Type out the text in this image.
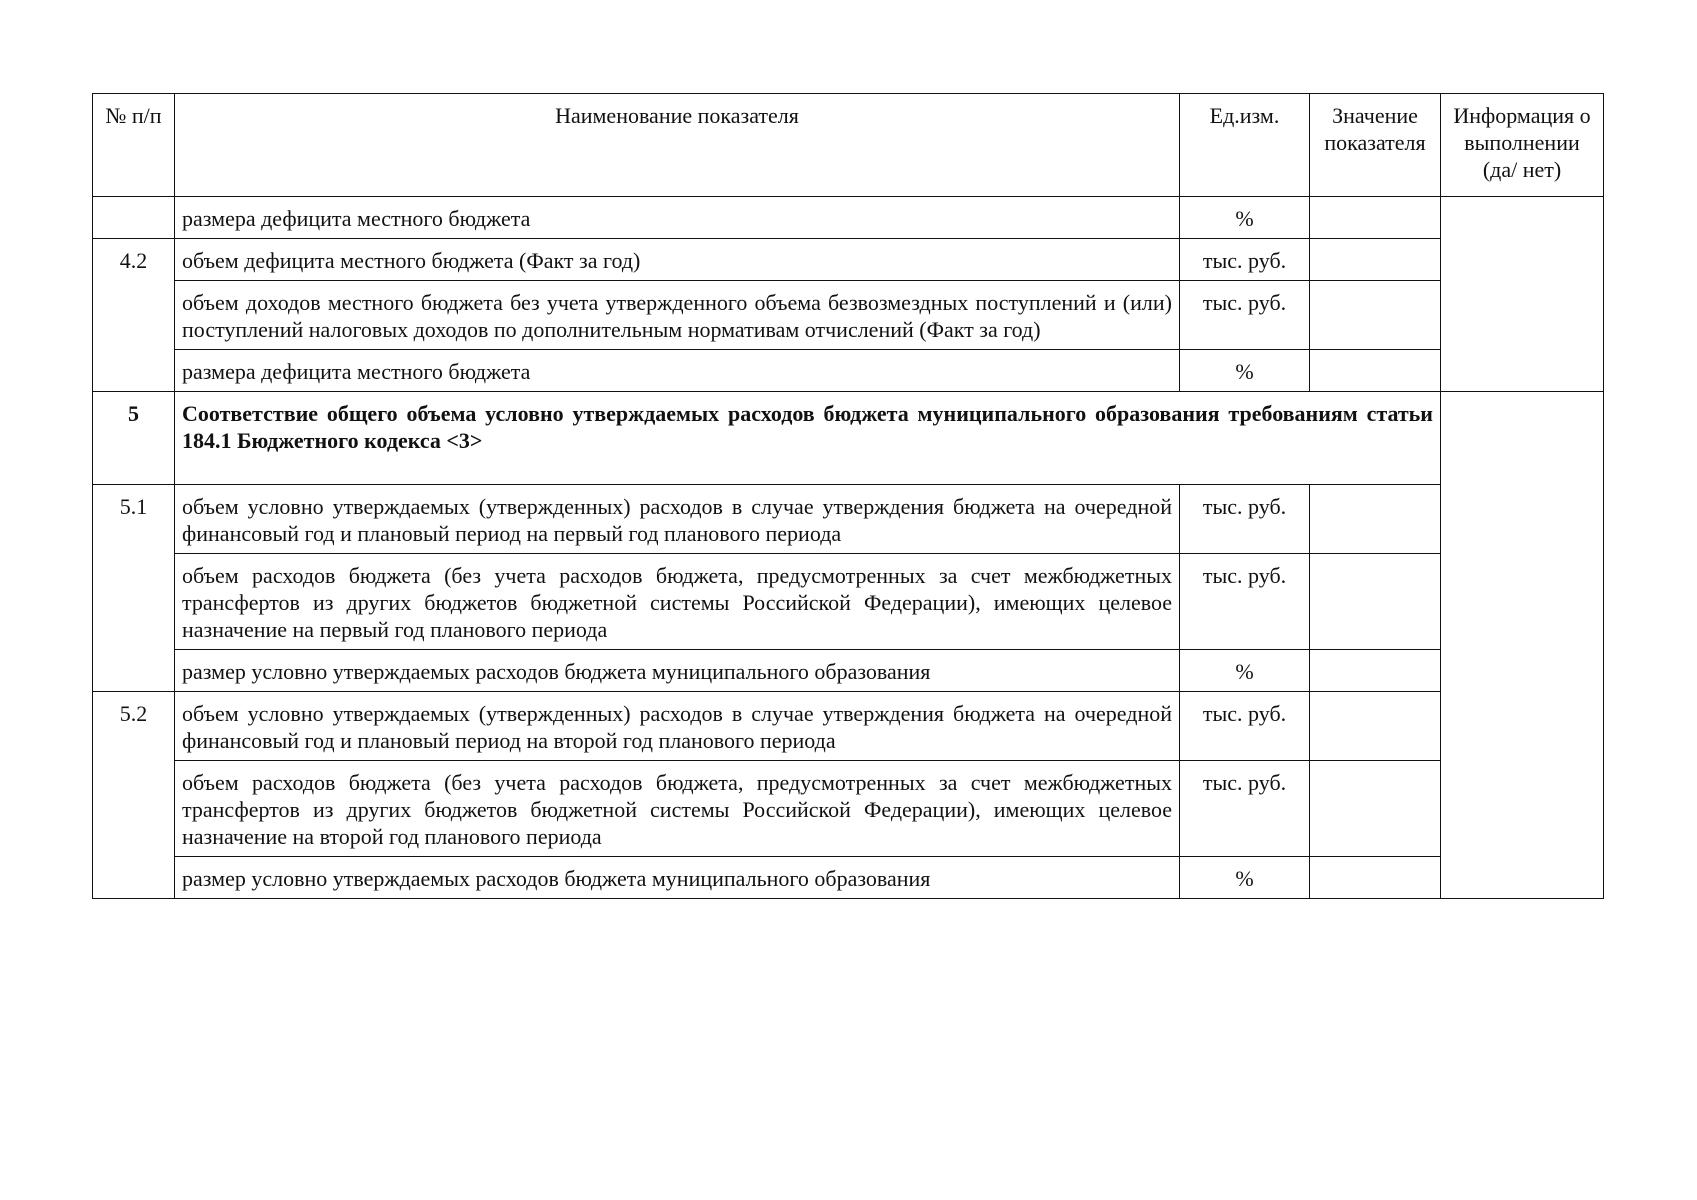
№ п/п	Наименование показателя	Ед.изм.	Значение показателя	Информация о выполнении (да/ нет)
	размера дефицита местного бюджета	%		
4.2	объем дефицита местного бюджета (Факт за год)	тыс. руб.		
	объем доходов местного бюджета без учета утвержденного объема безвозмездных поступлений и (или) поступлений налоговых доходов по дополнительным нормативам отчислений (Факт за год)	тыс. руб.		
	размера дефицита местного бюджета	%		
5	Соответствие общего объема условно утверждаемых расходов бюджета муниципального образования требованиям статьи 184.1 Бюджетного кодекса <3>			
5.1	объем условно утверждаемых (утвержденных) расходов в случае утверждения бюджета на очередной финансовый год и плановый период на первый год планового периода	тыс. руб.		
	объем расходов бюджета (без учета расходов бюджета, предусмотренных за счет межбюджетных трансфертов из других бюджетов бюджетной системы Российской Федерации), имеющих целевое назначение на первый год планового периода	тыс. руб.		
	размер условно утверждаемых расходов бюджета муниципального образования	%		
5.2	объем условно утверждаемых (утвержденных) расходов в случае утверждения бюджета на очередной финансовый год и плановый период на второй год планового периода	тыс. руб.		
	объем расходов бюджета (без учета расходов бюджета, предусмотренных за счет межбюджетных трансфертов из других бюджетов бюджетной системы Российской Федерации), имеющих целевое назначение на второй год планового периода	тыс. руб.		
	размер условно утверждаемых расходов бюджета муниципального образования	%		
